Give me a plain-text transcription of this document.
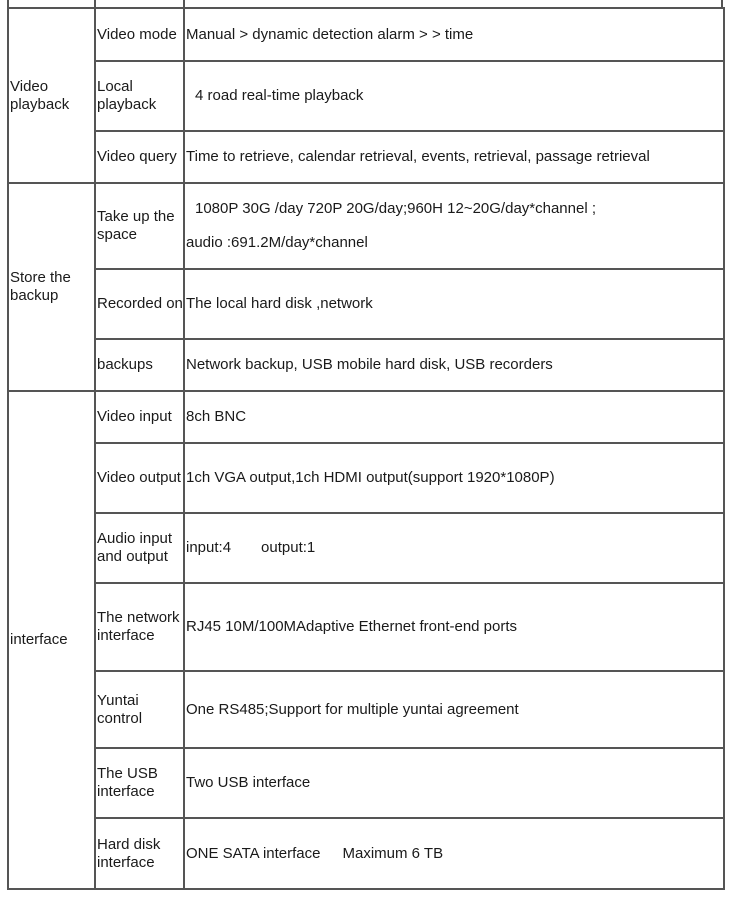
Video playback	Video mode	Manual > dynamic detection alarm > > time
	Local playback	4 road real-time playback
	Video query	Time to retrieve, calendar retrieval, events, retrieval, passage retrieval
Store the backup	Take up the space	1080P 30G /day 720P 20G/day;960H 12~20G/day*channel ;
audio :691.2M/day*channel

	Recorded on	The local hard disk ,network
	backups	Network backup, USB mobile hard disk, USB recorders
interface	Video input	8ch BNC
	Video output	1ch VGA output,1ch HDMI output(support 1920*1080P)
	Audio input and output	input:4 output:1
	The network interface	RJ45 10M/100MAdaptive Ethernet front-end ports
	Yuntai control	One RS485;Support for multiple yuntai agreement
	The USB interface	Two USB interface
	Hard disk interface	ONE SATA interface Maximum 6 TB
